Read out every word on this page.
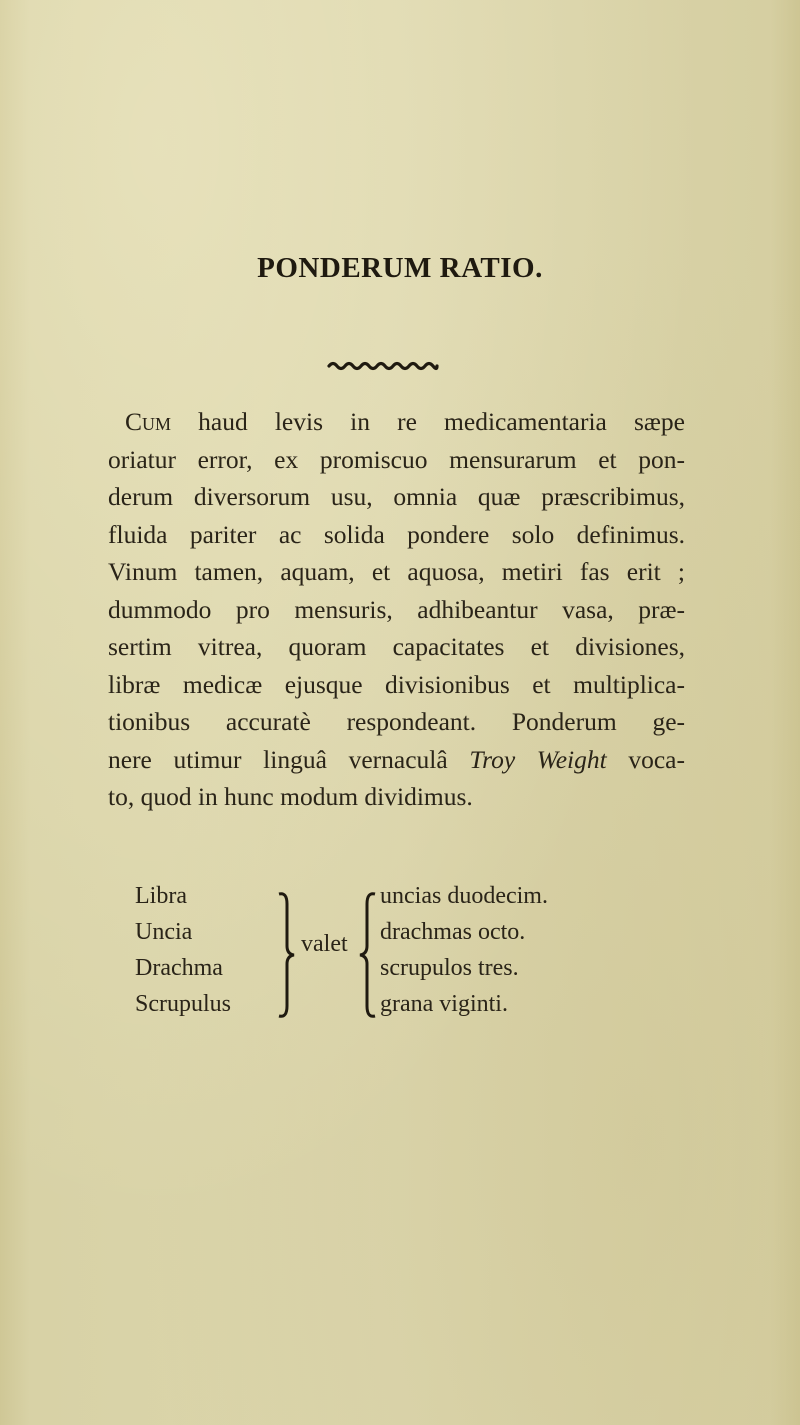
PONDERUM RATIO.
Cum haud levis in re medicamentaria sæpe
oriatur error, ex promiscuo mensurarum et pon-
derum diversorum usu, omnia quæ præscribimus,
fluida pariter ac solida pondere solo definimus.
Vinum tamen, aquam, et aquosa, metiri fas erit ;
dummodo pro mensuris, adhibeantur vasa, præ-
sertim vitrea, quoram capacitates et divisiones,
libræ medicæ ejusque divisionibus et multiplica-
tionibus accuratè respondeant. Ponderum ge-
nere utimur linguâ vernaculâ Troy Weight voca-
to, quod in hunc modum dividimus.
Libra
Uncia
Drachma
Scrupulus
valet
uncias duodecim.
drachmas octo.
scrupulos tres.
grana viginti.
